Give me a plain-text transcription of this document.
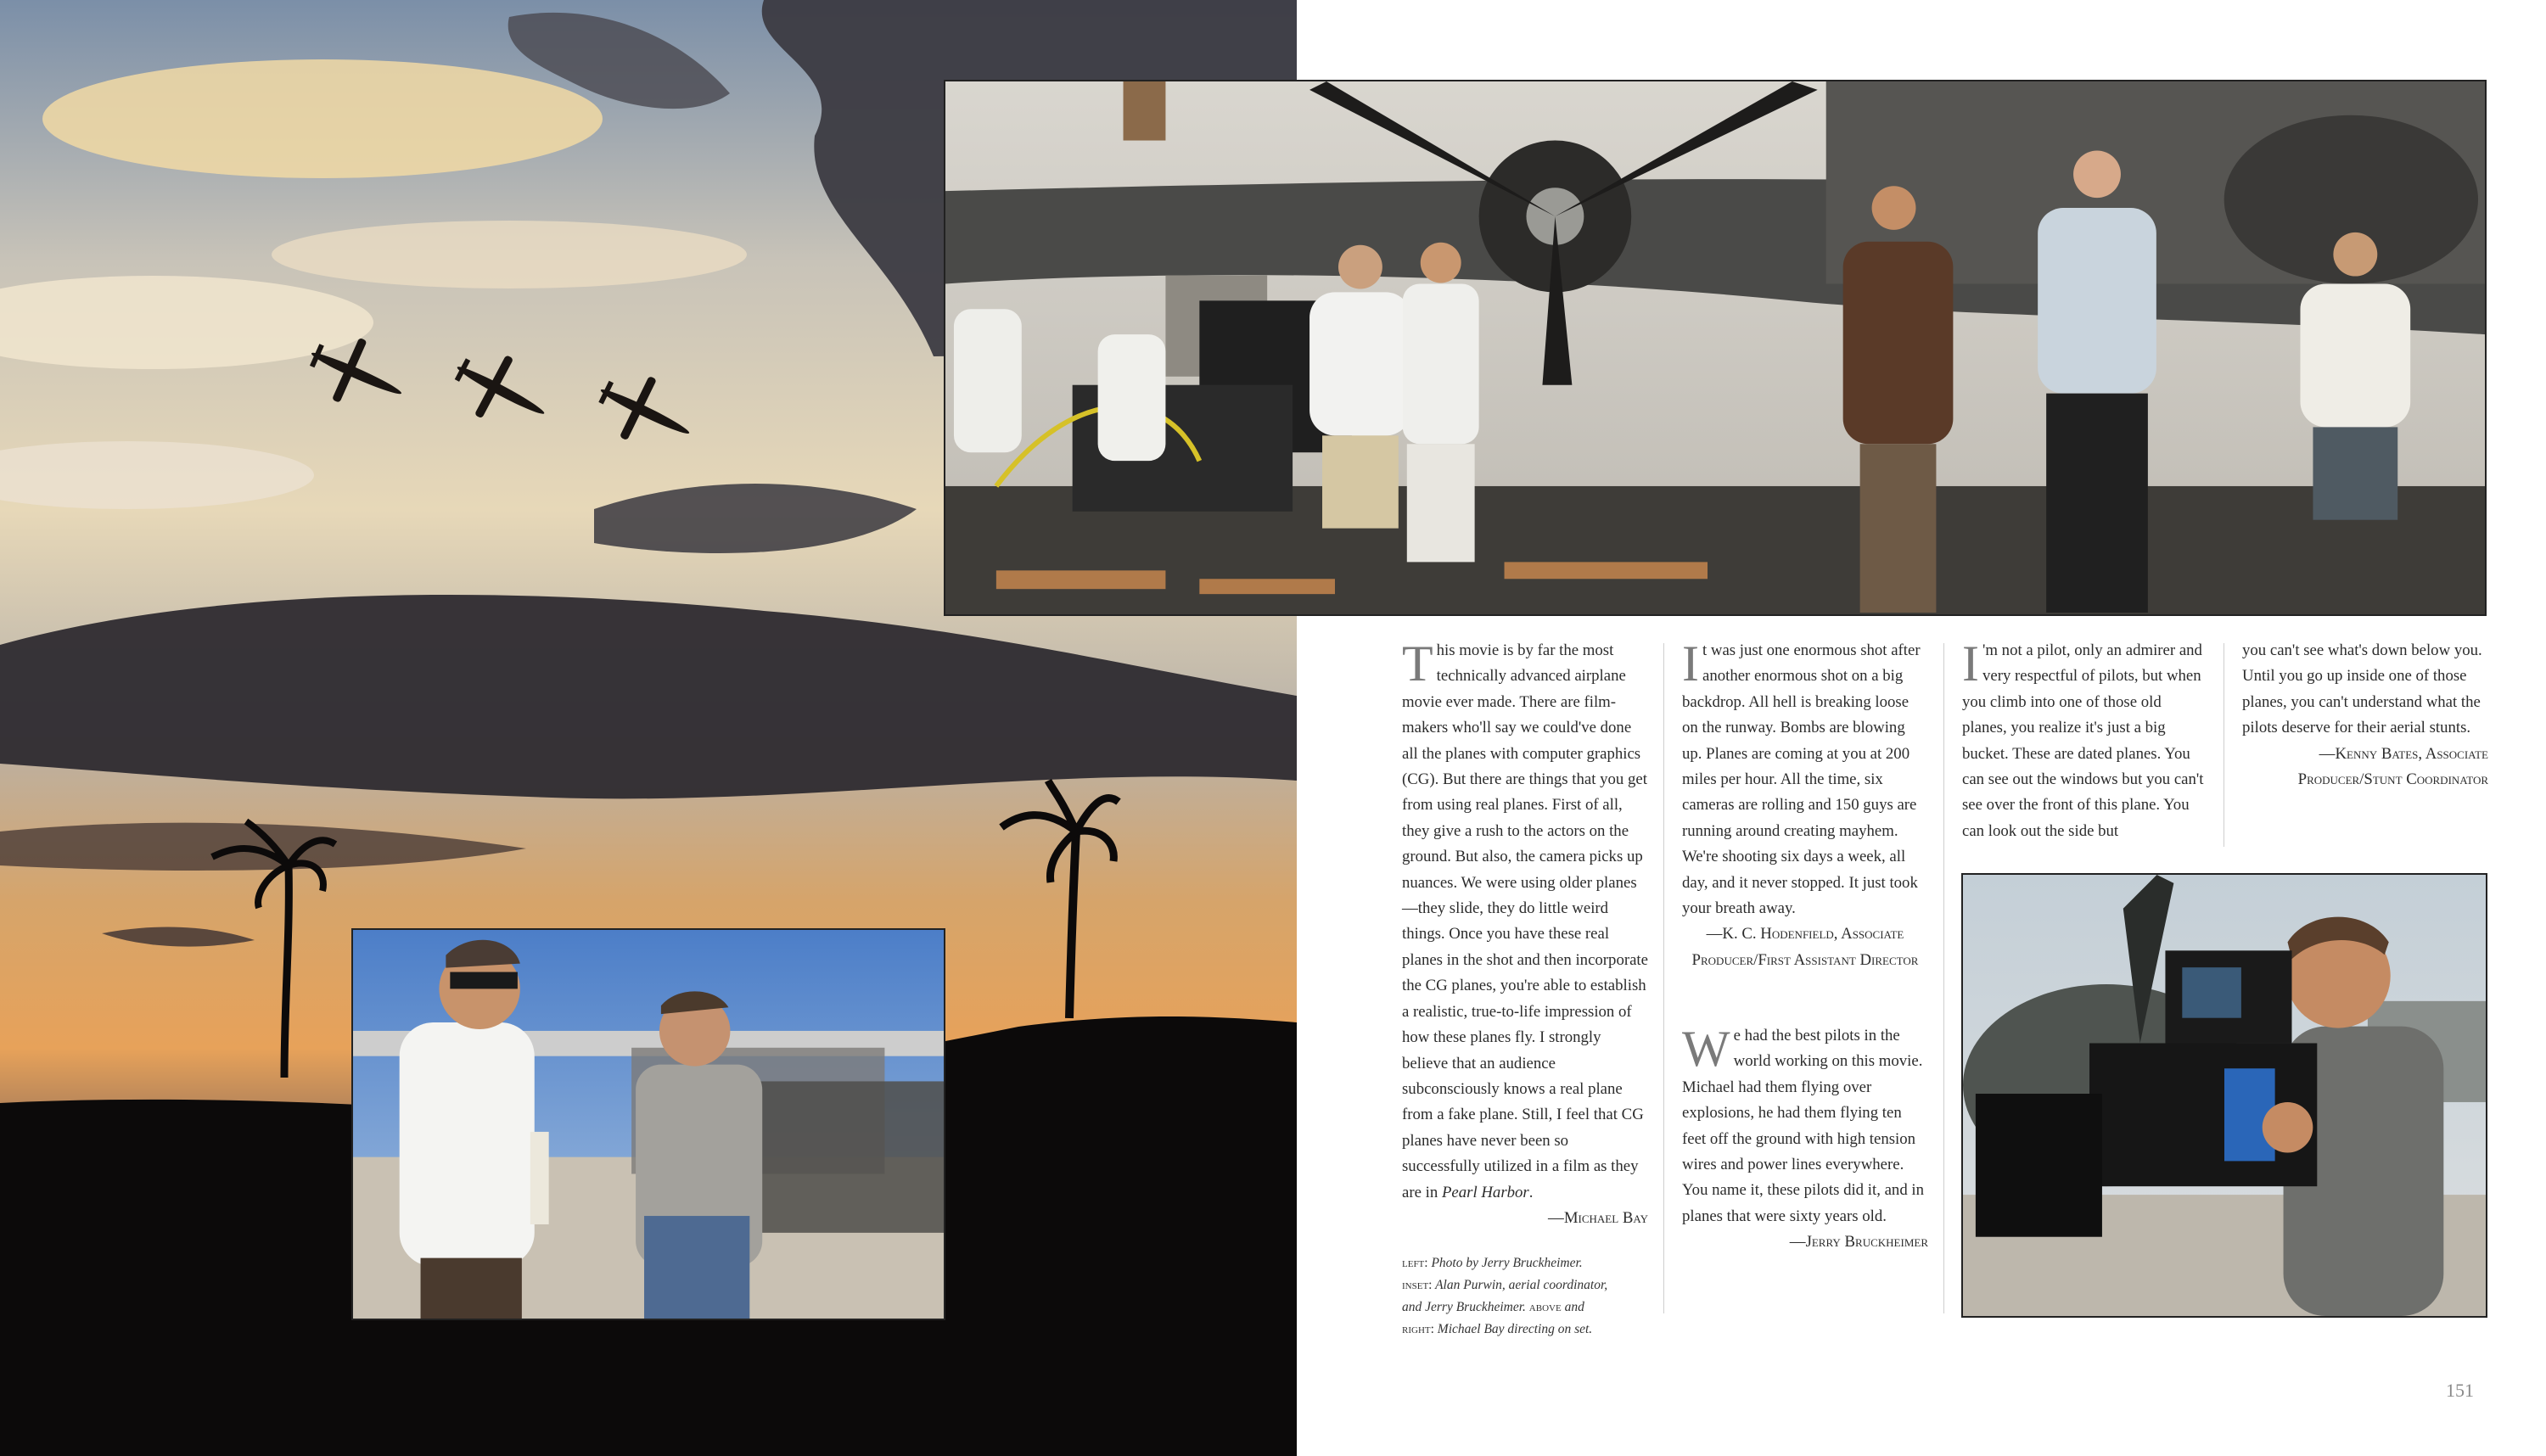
T his movie is by far the most technically advanced airplane movie ever made. There are film-makers who'll say we could've done all the planes with computer graphics (CG). But there are things that you get from using real planes. First of all, they give a rush to the actors on the ground. But also, the camera picks up nuances. We were using older planes—they slide, they do little weird things. Once you have these real planes in the shot and then incorporate the CG planes, you're able to establish a realistic, true-to-life impression of how these planes fly. I strongly believe that an audience subconsciously knows a real plane from a fake plane. Still, I feel that CG planes have never been so successfully utilized in a film as they are in Pearl Harbor.

—Michael Bay

I t was just one enormous shot after another enormous shot on a big backdrop. All hell is breaking loose on the runway. Bombs are blowing up. Planes are coming at you at 200 miles per hour. All the time, six cameras are rolling and 150 guys are running around creating mayhem. We're shooting six days a week, all day, and it never stopped. It just took your breath away.

—K. C. Hodenfield, Associate
Producer/First Assistant Director

W e had the best pilots in the world working on this movie. Michael had them flying over explosions, he had them flying ten feet off the ground with high tension wires and power lines everywhere. You name it, these pilots did it, and in planes that were sixty years old.

—Jerry Bruckheimer

I 'm not a pilot, only an admirer and very respectful of pilots, but when you climb into one of those old planes, you realize it's just a big bucket. These are dated planes. You can see out the windows but you can't see over the front of this plane. You can look out the side but

you can't see what's down below you. Until you go up inside one of those planes, you can't understand what the pilots deserve for their aerial stunts.

—Kenny Bates, Associate
Producer/Stunt Coordinator
left: Photo by Jerry Bruckheimer.
inset: Alan Purwin, aerial coordinator,
and Jerry Bruckheimer. above and
right: Michael Bay directing on set.
151
